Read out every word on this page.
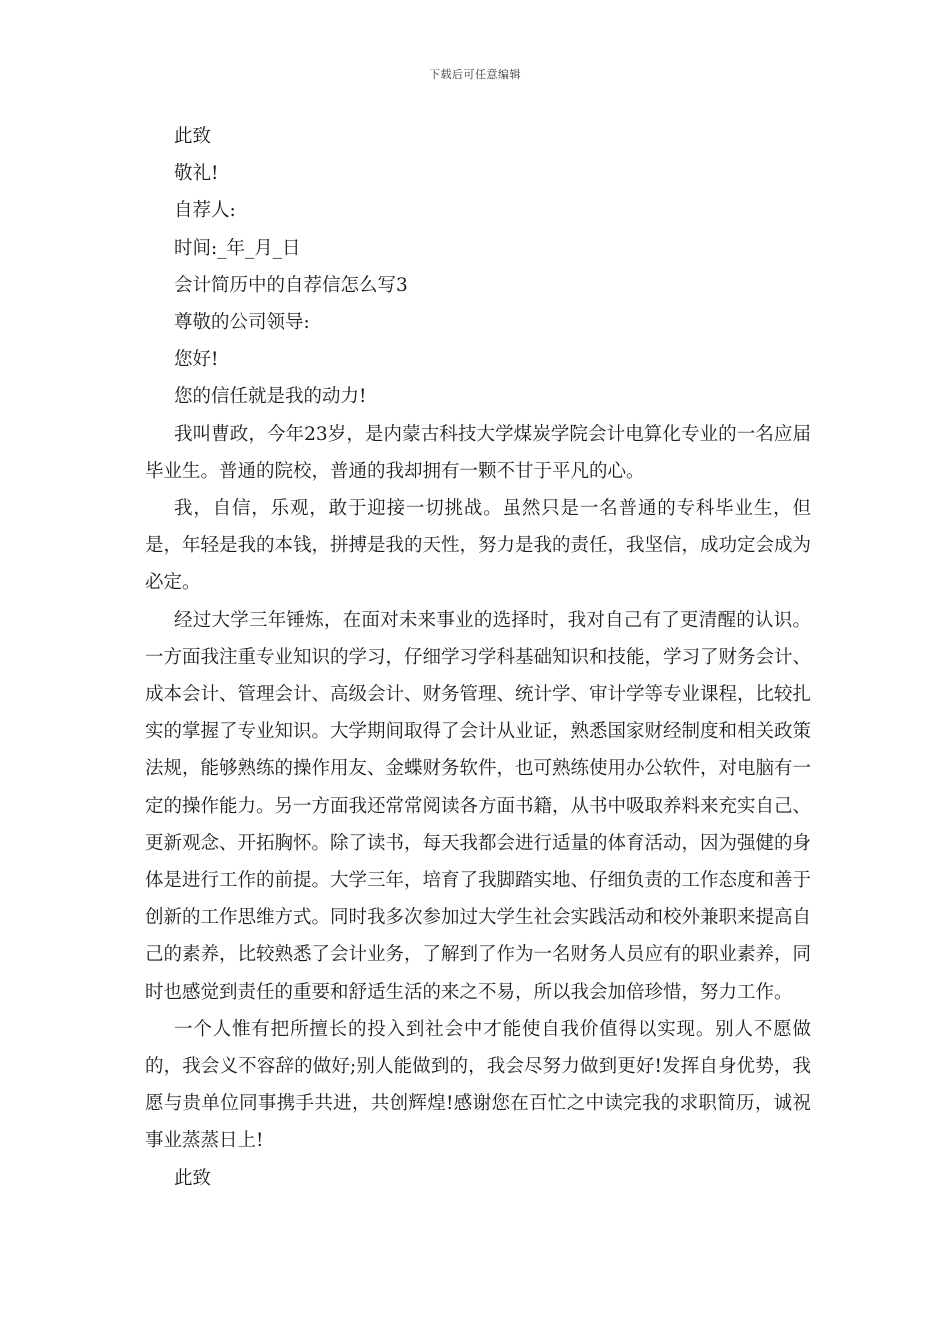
下载后可任意编辑

此致

敬礼!

自荐人:

时间:_年_月_日

会计简历中的自荐信怎么写3

尊敬的公司领导:

您好!

您的信任就是我的动力!

我叫曹政，今年23岁，是内蒙古科技大学煤炭学院会计电算化专业的一名应届毕业生。普通的院校，普通的我却拥有一颗不甘于平凡的心。

我，自信，乐观，敢于迎接一切挑战。虽然只是一名普通的专科毕业生，但是，年轻是我的本钱，拼搏是我的天性，努力是我的责任，我坚信，成功定会成为必定。

经过大学三年锤炼，在面对未来事业的选择时，我对自己有了更清醒的认识。一方面我注重专业知识的学习，仔细学习学科基础知识和技能，学习了财务会计、成本会计、管理会计、高级会计、财务管理、统计学、审计学等专业课程，比较扎实的掌握了专业知识。大学期间取得了会计从业证，熟悉国家财经制度和相关政策法规，能够熟练的操作用友、金蝶财务软件，也可熟练使用办公软件，对电脑有一定的操作能力。另一方面我还常常阅读各方面书籍，从书中吸取养料来充实自己、更新观念、开拓胸怀。除了读书，每天我都会进行适量的体育活动，因为强健的身体是进行工作的前提。大学三年，培育了我脚踏实地、仔细负责的工作态度和善于创新的工作思维方式。同时我多次参加过大学生社会实践活动和校外兼职来提高自己的素养，比较熟悉了会计业务，了解到了作为一名财务人员应有的职业素养，同时也感觉到责任的重要和舒适生活的来之不易，所以我会加倍珍惜，努力工作。

一个人惟有把所擅长的投入到社会中才能使自我价值得以实现。别人不愿做的，我会义不容辞的做好;别人能做到的，我会尽努力做到更好!发挥自身优势，我愿与贵单位同事携手共进，共创辉煌!感谢您在百忙之中读完我的求职简历，诚祝事业蒸蒸日上!

此致
